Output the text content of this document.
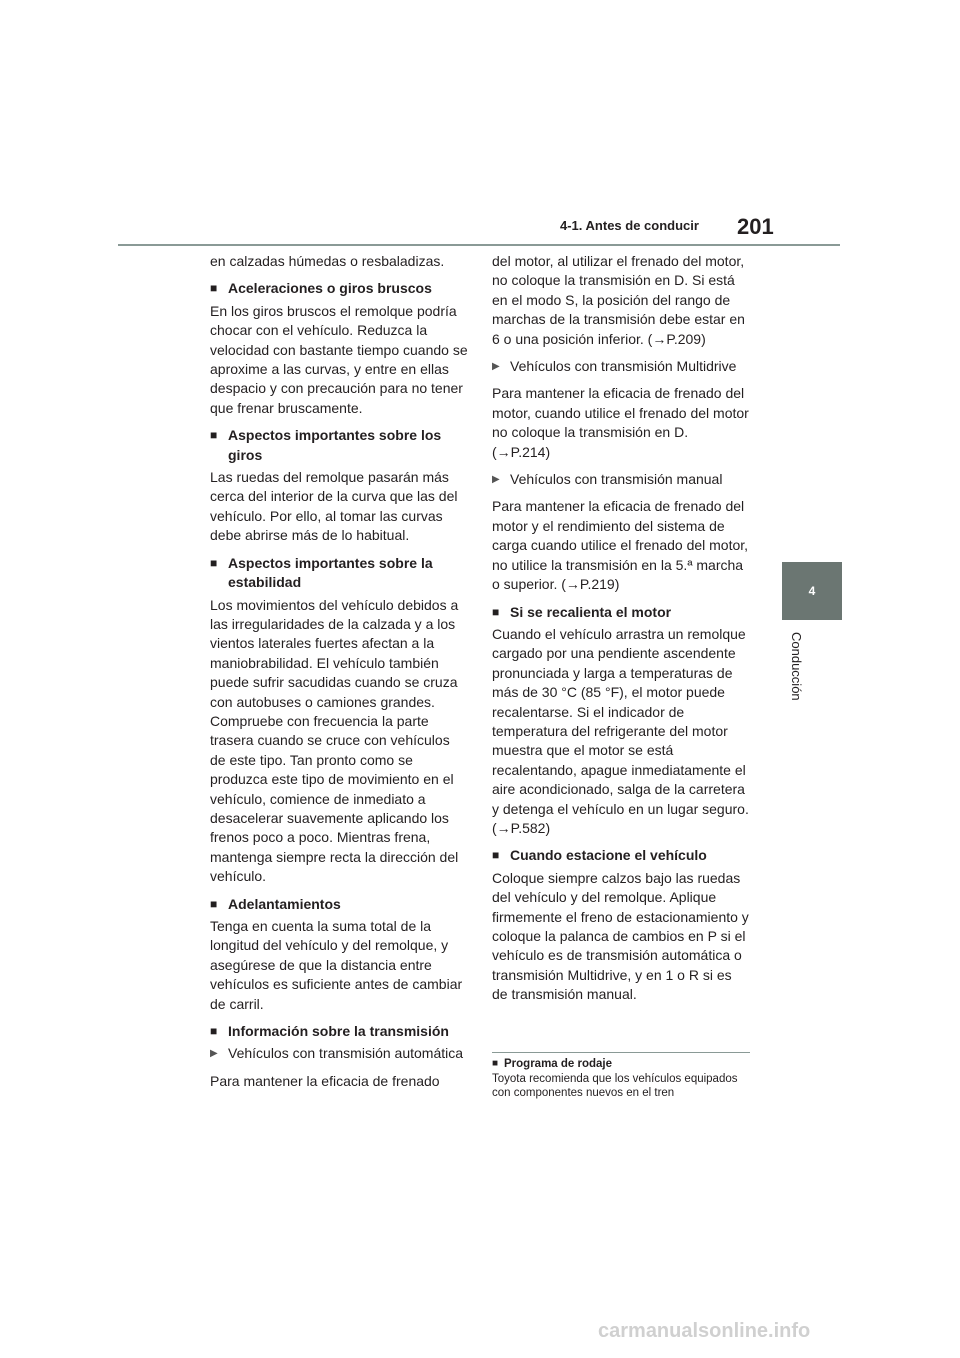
4-1. Antes de conducir 201
4
Conducción

en calzadas húmedas o resbaladizas.

■ Aceleraciones o giros bruscos

En los giros bruscos el remolque podría chocar con el vehículo. Reduzca la velocidad con bastante tiempo cuando se aproxime a las curvas, y entre en ellas despacio y con precaución para no tener que frenar bruscamente.

■ Aspectos importantes sobre los giros

Las ruedas del remolque pasarán más cerca del interior de la curva que las del vehículo. Por ello, al tomar las curvas debe abrirse más de lo habitual.

■ Aspectos importantes sobre la estabilidad

Los movimientos del vehículo debidos a las irregularidades de la calzada y a los vientos laterales fuertes afectan a la maniobrabilidad. El vehículo también puede sufrir sacudidas cuando se cruza con autobuses o camiones grandes. Compruebe con frecuencia la parte trasera cuando se cruce con vehículos de este tipo. Tan pronto como se produzca este tipo de movimiento en el vehículo, comience de inmediato a desacelerar suavemente aplicando los frenos poco a poco. Mientras frena, mantenga siempre recta la dirección del vehículo.

■ Adelantamientos

Tenga en cuenta la suma total de la longitud del vehículo y del remolque, y asegúrese de que la distancia entre vehículos es suficiente antes de cambiar de carril.

■ Información sobre la transmisión
▶ Vehículos con transmisión automática

Para mantener la eficacia de frenado

del motor, al utilizar el frenado del motor, no coloque la transmisión en D. Si está en el modo S, la posición del rango de marchas de la transmisión debe estar en 6 o una posición inferior. (→P.209)

▶ Vehículos con transmisión Multidrive

Para mantener la eficacia de frenado del motor, cuando utilice el frenado del motor no coloque la transmisión en D. (→P.214)

▶ Vehículos con transmisión manual

Para mantener la eficacia de frenado del motor y el rendimiento del sistema de carga cuando utilice el frenado del motor, no utilice la transmisión en la 5.ª marcha o superior. (→P.219)

■ Si se recalienta el motor

Cuando el vehículo arrastra un remolque cargado por una pendiente ascendente pronunciada y larga a temperaturas de más de 30 °C (85 °F), el motor puede recalentarse. Si el indicador de temperatura del refrigerante del motor muestra que el motor se está recalentando, apague inmediatamente el aire acondicionado, salga de la carretera y detenga el vehículo en un lugar seguro. (→P.582)

■ Cuando estacione el vehículo

Coloque siempre calzos bajo las ruedas del vehículo y del remolque. Aplique firmemente el freno de estacionamiento y coloque la palanca de cambios en P si el vehículo es de transmisión automática o transmisión Multidrive, y en 1 o R si es de transmisión manual.

■ Programa de rodaje
Toyota recomienda que los vehículos equipados con componentes nuevos en el tren
carmanualsonline.info
